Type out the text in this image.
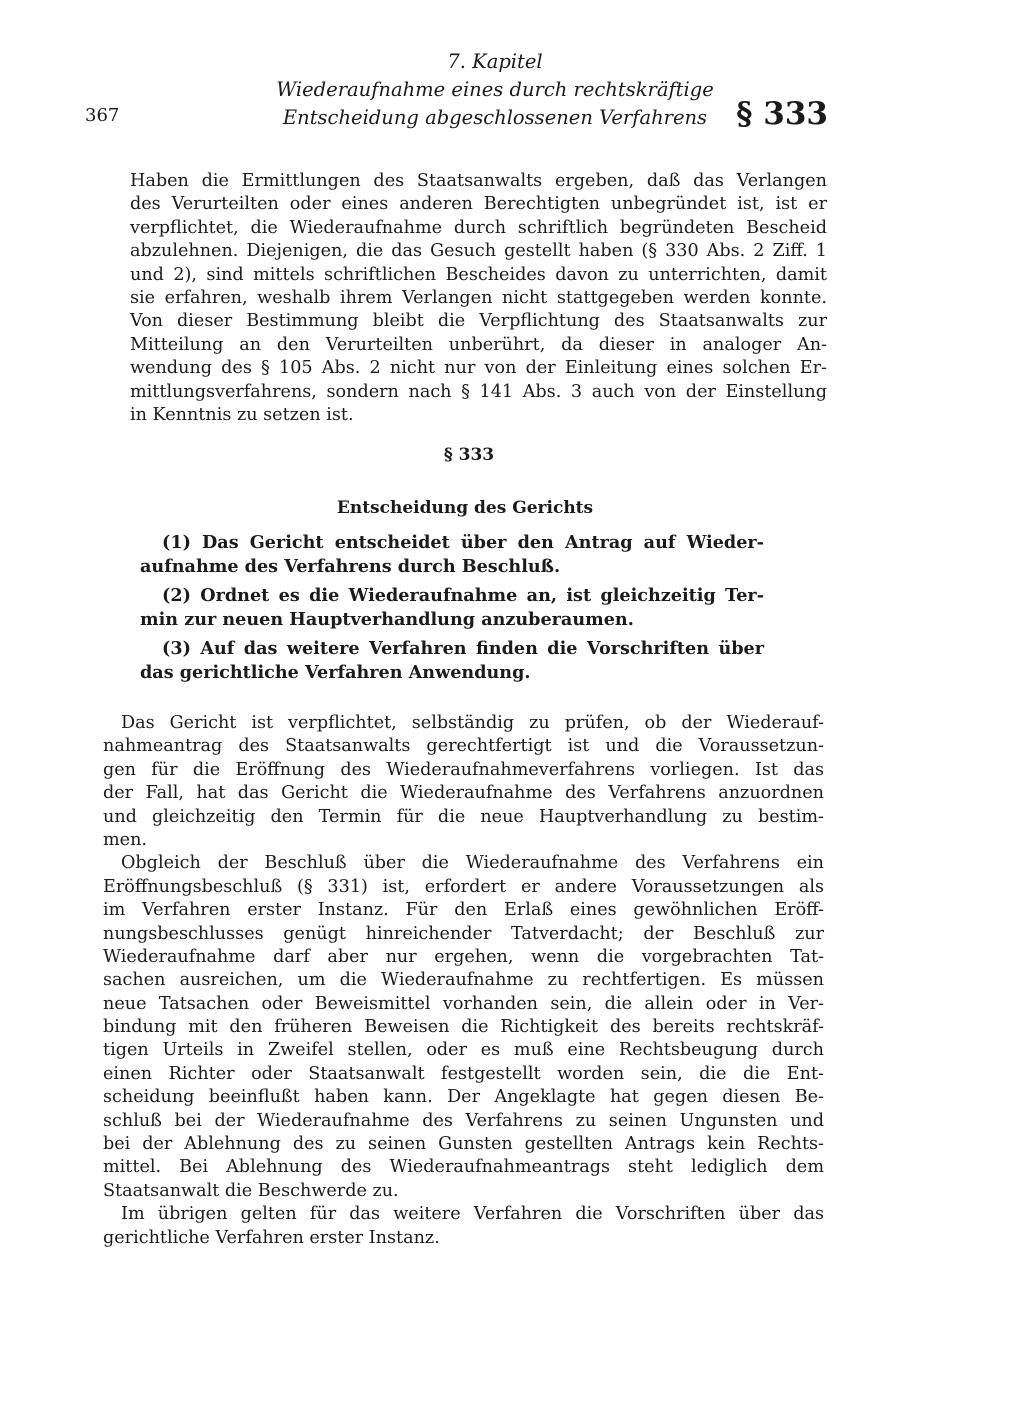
7. Kapitel
Wiederaufnahme eines durch rechtskräftige
Entscheidung abgeschlossenen Verfahrens
367	§ 333
Haben die Ermittlungen des Staatsanwalts ergeben, daß das Verlangen
des Verurteilten oder eines anderen Berechtigten unbegründet ist, ist er
verpflichtet, die Wiederaufnahme durch schriftlich begründeten Bescheid
abzulehnen. Diejenigen, die das Gesuch gestellt haben (§ 330 Abs. 2 Ziff. 1
und 2), sind mittels schriftlichen Bescheides davon zu unterrichten, damit
sie erfahren, weshalb ihrem Verlangen nicht stattgegeben werden konnte.
Von dieser Bestimmung bleibt die Verpflichtung des Staatsanwalts zur
Mitteilung an den Verurteilten unberührt, da dieser in analoger An-
wendung des § 105 Abs. 2 nicht nur von der Einleitung eines solchen Er-
mittlungsverfahrens, sondern nach § 141 Abs. 3 auch von der Einstellung
in Kenntnis zu setzen ist.
§ 333
Entscheidung des Gerichts
(1) Das Gericht entscheidet über den Antrag auf Wieder-
aufnahme des Verfahrens durch Beschluß.
(2) Ordnet es die Wiederaufnahme an, ist gleichzeitig Ter-
min zur neuen Hauptverhandlung anzuberaumen.
(3) Auf das weitere Verfahren finden die Vorschriften über
das gerichtliche Verfahren Anwendung.
Das Gericht ist verpflichtet, selbständig zu prüfen, ob der Wiederauf-
nahmeantrag des Staatsanwalts gerechtfertigt ist und die Voraussetzun-
gen für die Eröffnung des Wiederaufnahmeverfahrens vorliegen. Ist das
der Fall, hat das Gericht die Wiederaufnahme des Verfahrens anzuordnen
und gleichzeitig den Termin für die neue Hauptverhandlung zu bestim-
men.
Obgleich der Beschluß über die Wiederaufnahme des Verfahrens ein
Eröffnungsbeschluß (§ 331) ist, erfordert er andere Voraussetzungen als
im Verfahren erster Instanz. Für den Erlaß eines gewöhnlichen Eröff-
nungsbeschlusses genügt hinreichender Tatverdacht; der Beschluß zur
Wiederaufnahme darf aber nur ergehen, wenn die vorgebrachten Tat-
sachen ausreichen, um die Wiederaufnahme zu rechtfertigen. Es müssen
neue Tatsachen oder Beweismittel vorhanden sein, die allein oder in Ver-
bindung mit den früheren Beweisen die Richtigkeit des bereits rechtskräf-
tigen Urteils in Zweifel stellen, oder es muß eine Rechtsbeugung durch
einen Richter oder Staatsanwalt festgestellt worden sein, die die Ent-
scheidung beeinflußt haben kann. Der Angeklagte hat gegen diesen Be-
schluß bei der Wiederaufnahme des Verfahrens zu seinen Ungunsten und
bei der Ablehnung des zu seinen Gunsten gestellten Antrags kein Rechts-
mittel. Bei Ablehnung des Wiederaufnahmeantrags steht lediglich dem
Staatsanwalt die Beschwerde zu.
Im übrigen gelten für das weitere Verfahren die Vorschriften über das
gerichtliche Verfahren erster Instanz.
